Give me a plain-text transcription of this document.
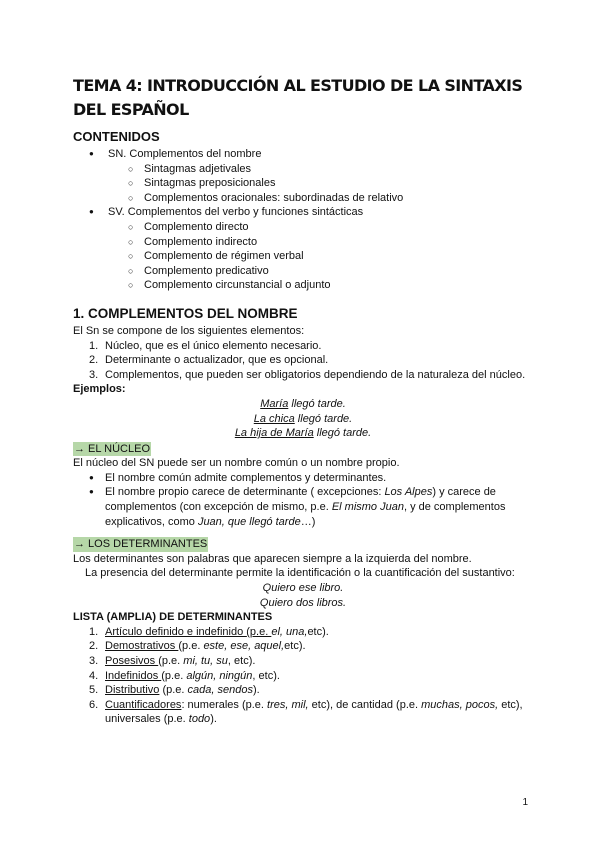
TEMA 4: INTRODUCCIÓN AL ESTUDIO DE LA SINTAXIS DEL ESPAÑOL
CONTENIDOS
● SN. Complementos del nombre
○ Sintagmas adjetivales
○ Sintagmas preposicionales
○ Complementos oracionales: subordinadas de relativo
● SV. Complementos del verbo y funciones sintácticas
○ Complemento directo
○ Complemento indirecto
○ Complemento de régimen verbal
○ Complemento predicativo
○ Complemento circunstancial o adjunto
1. COMPLEMENTOS DEL NOMBRE

El Sn se compone de los siguientes elementos:

1. Núcleo, que es el único elemento necesario.
2. Determinante o actualizador, que es opcional.
3. Complementos, que pueden ser obligatorios dependiendo de la naturaleza del núcleo.

Ejemplos:

María llegó tarde.

La chica llegó tarde.

La hija de María llegó tarde.

→ EL NÚCLEO

El núcleo del SN puede ser un nombre común o un nombre propio.

● El nombre común admite complementos y determinantes.
● El nombre propio carece de determinante ( excepciones: Los Alpes) y carece de complementos (con excepción de mismo, p.e. El mismo Juan, y de complementos explicativos, como Juan, que llegó tarde…)

→ LOS DETERMINANTES

Los determinantes son palabras que aparecen siempre a la izquierda del nombre.

La presencia del determinante permite la identificación o la cuantificación del sustantivo:

Quiero ese libro.

Quiero dos libros.

LISTA (AMPLIA) DE DETERMINANTES

1. Artículo definido e indefinido (p.e. el, una,etc).
2. Demostrativos (p.e. este, ese, aquel,etc).
3. Posesivos (p.e. mi, tu, su, etc).
4. Indefinidos (p.e. algún, ningún, etc).
5. Distributivo (p.e. cada, sendos).
6. Cuantificadores: numerales (p.e. tres, mil, etc), de cantidad (p.e. muchas, pocos, etc), universales (p.e. todo).
1
